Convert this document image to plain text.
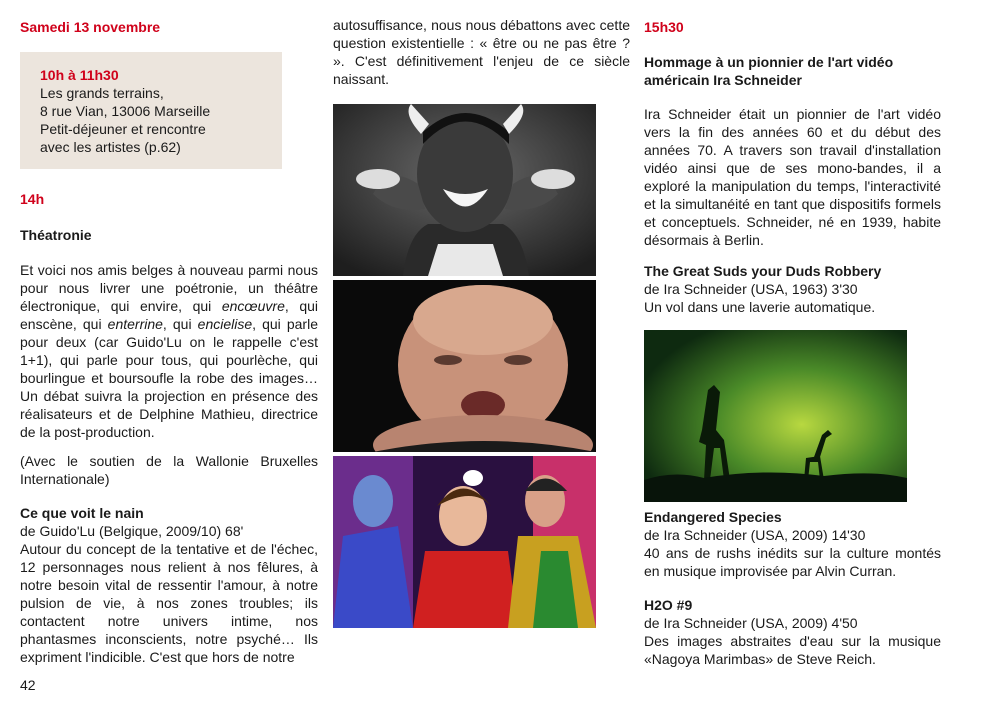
Samedi 13 novembre
10h à 11h30
Les grands terrains,
8 rue Vian, 13006 Marseille
Petit-déjeuner et rencontre
avec les artistes (p.62)
14h
Théatronie

Et voici nos amis belges à nouveau parmi nous pour nous livrer une poétronie, un théâtre électronique, qui envire, qui encœuvre, qui enscène, qui enterrine, qui encielise, qui parle pour deux (car Guido'Lu on le rappelle c'est 1+1), qui parle pour tous, qui pourlèche, qui bourlingue et boursoufle la robe des images… Un débat suivra la projection en présence des réalisateurs et de Delphine Mathieu, directrice de la post-production.

(Avec le soutien de la Wallonie Bruxelles Internationale)

Ce que voit le nain
de Guido'Lu (Belgique, 2009/10) 68'

Autour du concept de la tentative et de l'échec, 12 personnages nous relient à nos fêlures, à notre besoin vital de ressentir l'amour, à notre pulsion de vie, à nos zones troubles; ils contactent notre univers intime, nos phantasmes inconscients, notre psyché… Ils expriment l'indicible. C'est que hors de notre

42

autosuffisance, nous nous débattons avec cette question existentielle : « être ou ne pas être ? ». C'est définitivement l'enjeu de ce siècle naissant.

15h30
Hommage à un pionnier de l'art vidéo américain Ira Schneider

Ira Schneider était un pionnier de l'art vidéo vers la fin des années 60 et du début des années 70. A travers son travail d'installation vidéo ainsi que de ses mono-bandes, il a exploré la manipulation du temps, l'interactivité et la simultanéité en tant que dispositifs formels et conceptuels. Schneider, né en 1939, habite désormais à Berlin.

The Great Suds your Duds Robbery
de Ira Schneider (USA, 1963) 3'30
Un vol dans une laverie automatique.
Endangered Species
de Ira Schneider (USA, 2009) 14'30

40 ans de rushs inédits sur la culture montés en musique improvisée par Alvin Curran.

H2O #9
de Ira Schneider (USA, 2009) 4'50

Des images abstraites d'eau sur la musique «Nagoya Marimbas» de Steve Reich.
